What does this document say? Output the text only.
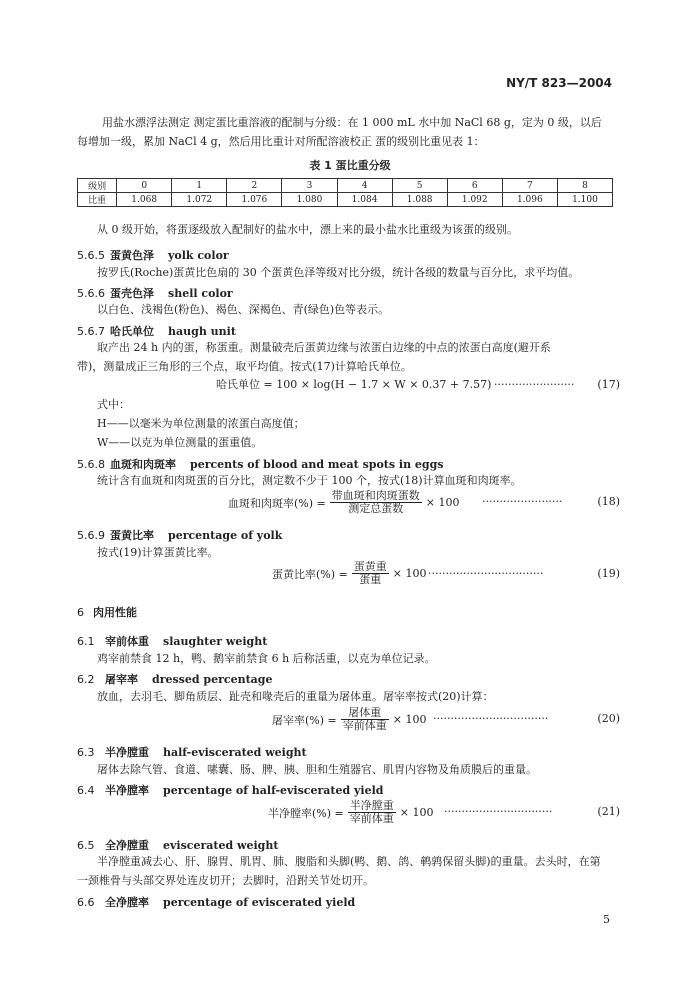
NY/T 823—2004
用盐水漂浮法测定 测定蛋比重溶液的配制与分级：在 1 000 mL 水中加 NaCl 68 g，定为 0 级，以后
每增加一级，累加 NaCl 4 g，然后用比重计对所配溶液校正 蛋的级别比重见表 1：
表 1 蛋比重分级
级别	0	1	2	3	4	5	6	7	8
比重	1.068	1.072	1.076	1.080	1.084	1.088	1.092	1.096	1.100
从 0 级开始，将蛋逐级放入配制好的盐水中，漂上来的最小盐水比重级为该蛋的级别。
5.6.5 蛋黄色泽 yolk color
按罗氏(Roche)蛋黄比色扇的 30 个蛋黄色泽等级对比分级，统计各级的数量与百分比，求平均值。
5.6.6 蛋壳色泽 shell color
以白色、浅褐色(粉色)、褐色、深褐色、青(绿色)色等表示。
5.6.7 哈氏单位 haugh unit
取产出 24 h 内的蛋，称蛋重。测量破壳后蛋黄边缘与浓蛋白边缘的中点的浓蛋白高度(避开系
带)，测量成正三角形的三个点，取平均值。按式(17)计算哈氏单位。
哈氏单位 = 100 × log(H − 1.7 × W × 0.37 + 7.57) ······················· (17)
式中：
H——以毫米为单位测量的浓蛋白高度值；
W——以克为单位测量的蛋重值。
5.6.8 血斑和肉斑率 percents of blood and meat spots in eggs
统计含有血斑和肉斑蛋的百分比，测定数不少于 100 个，按式(18)计算血斑和肉斑率。
血斑和肉斑率(%) = $\frac{\text{带血斑和肉斑蛋数}}{\text{测定总蛋数}} \times 100$ ·······················	(18)
5.6.9 蛋黄比率 percentage of yolk
按式(19)计算蛋黄比率。
蛋黄比率(%) = $\frac{\text{蛋黄重}}{\text{蛋重}} \times 100$ ·································	(19)
6 肉用性能
6.1 宰前体重 slaughter weight
鸡宰前禁食 12 h，鸭、鹅宰前禁食 6 h 后称活重，以克为单位记录。
6.2 屠宰率 dressed percentage
放血，去羽毛、脚角质层、趾壳和喙壳后的重量为屠体重。屠宰率按式(20)计算：
屠宰率(%) = $\frac{\text{屠体重}}{\text{宰前体重}} \times 100$ ·································	(20)
6.3 半净膛重 half-eviscerated weight
屠体去除气管、食道、嗉囊、肠、脾、胰、胆和生殖器官、肌胃内容物及角质膜后的重量。
6.4 半净膛率 percentage of half-eviscerated yield
半净膛率(%) = $\frac{\text{半净膛重}}{\text{宰前体重}} \times 100$ ·······························	(21)
6.5 全净膛重 eviscerated weight
半净膛重减去心、肝、腺胃、肌胃、肺、腹脂和头脚(鸭、鹅、鸽、鹌鹑保留头脚)的重量。去头时，在第
一颈椎骨与头部交界处连皮切开；去脚时，沿跗关节处切开。
6.6 全净膛率 percentage of eviscerated yield
5
